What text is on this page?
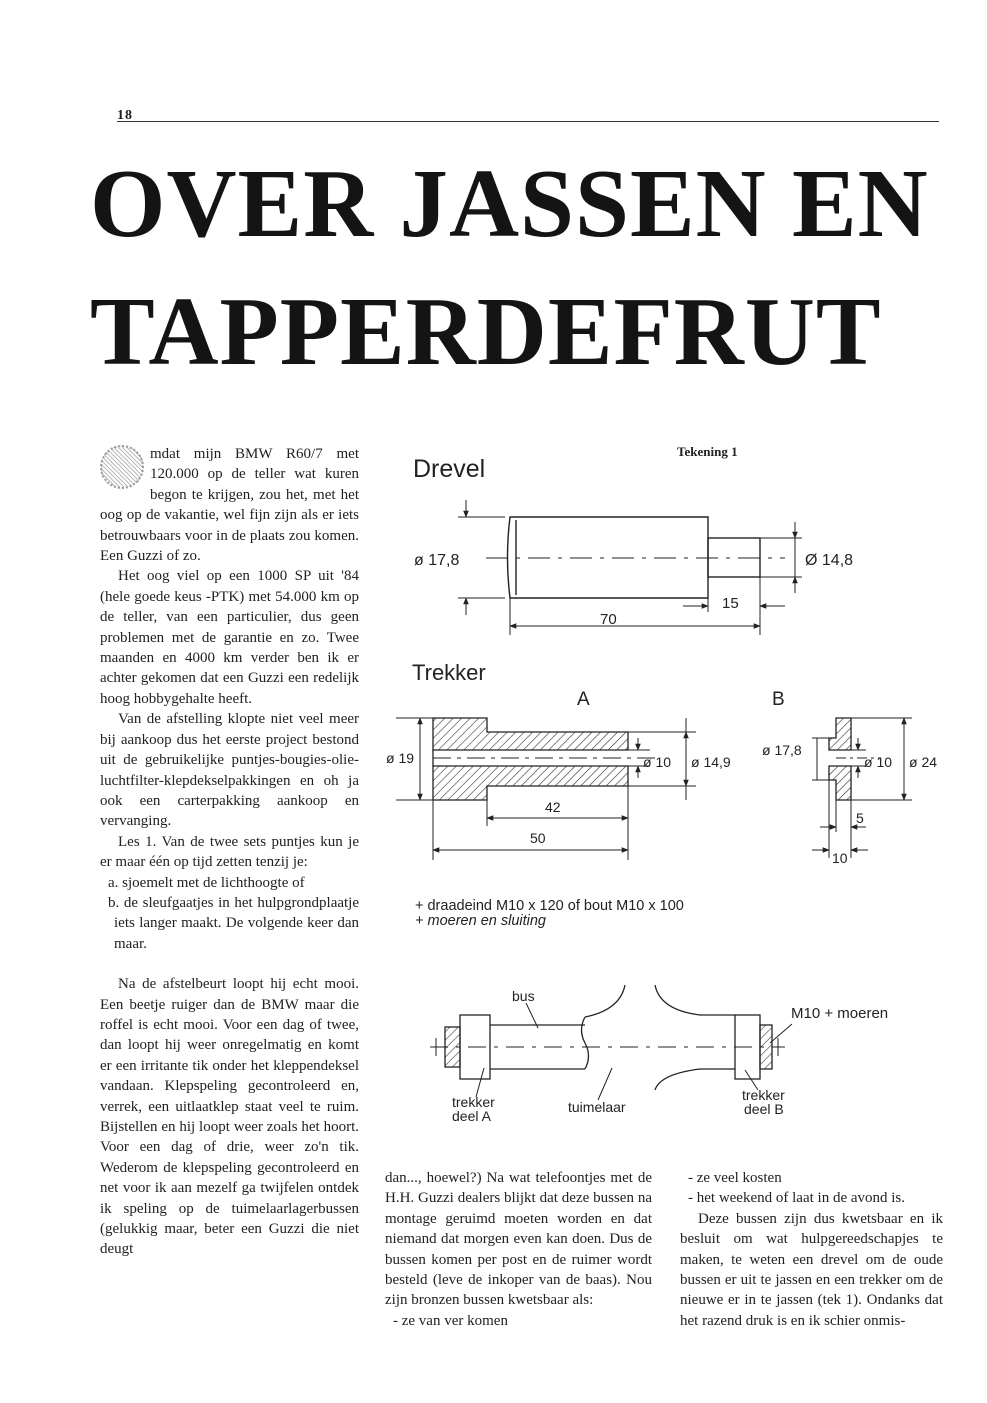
18
OVER JASSEN EN
TAPPERDEFRUT

mdat mijn BMW R60/7 met 120.000 op de teller wat kuren begon te krijgen, zou het, met het oog op de vakantie, wel fijn zijn als er iets betrouwbaars voor in de plaats zou komen. Een Guzzi of zo.

Het oog viel op een 1000 SP uit '84 (hele goede keus -PTK) met 54.000 km op de teller, van een particulier, dus geen problemen met de garantie en zo. Twee maanden en 4000 km verder ben ik er achter gekomen dat een Guzzi een redelijk hoog hobbygehalte heeft.

Van de afstelling klopte niet veel meer bij aankoop dus het eerste project bestond uit de gebruikelijke puntjes-bougies-olie-luchtfilter-klepdekselpakkingen en oh ja ook een carterpakking aankoop en vervanging.

Les 1. Van de twee sets puntjes kun je er maar één op tijd zetten tenzij je:

a. sjoemelt met de lichthoogte of

b. de sleufgaatjes in het hulpgrondplaatje iets langer maakt. De volgende keer dan maar.

Na de afstelbeurt loopt hij echt mooi. Een beetje ruiger dan de BMW maar die roffel is echt mooi. Voor een dag of twee, dan loopt hij weer onregelmatig en komt er een irritante tik onder het kleppendeksel vandaan. Klepspeling gecontroleerd en, verrek, een uitlaatklep staat veel te ruim. Bijstellen en hij loopt weer zoals het hoort. Voor een dag of drie, weer zo'n tik. Wederom de klepspeling gecontroleerd en net voor ik aan mezelf ga twijfelen ontdek ik speling op de tuimelaarlagerbussen (gelukkig maar, beter een Guzzi die niet deugt

dan..., hoewel?) Na wat telefoontjes met de H.H. Guzzi dealers blijkt dat deze bussen na montage geruimd moeten worden en dat niemand dat morgen even kan doen. Dus de bussen komen per post en de ruimer wordt besteld (leve de inkoper van de baas). Nou zijn bronzen bussen kwetsbaar als:

- ze van ver komen

- ze veel kosten

- het weekend of laat in de avond is.

Deze bussen zijn dus kwetsbaar en ik besluit om wat hulpgereedschapjes te maken, te weten een drevel om de oude bussen er uit te jassen en een trekker om de nieuwe er in te jassen (tek 1). Ondanks dat het razend druk is en ik schier onmis-

Tekening 1
Drevel
ø 17,8	Ø 14,8
70
15
Trekker
A	B
ø 19	ø 10 ø 14,9
42
50
ø 17,8
ø 10 ø 24
5
10
+ draadeind M10 x 120 of bout M10 x 100
+ moeren en sluiting
bus
M10 + moeren
trekker
deel A
tuimelaar
trekker
deel B
